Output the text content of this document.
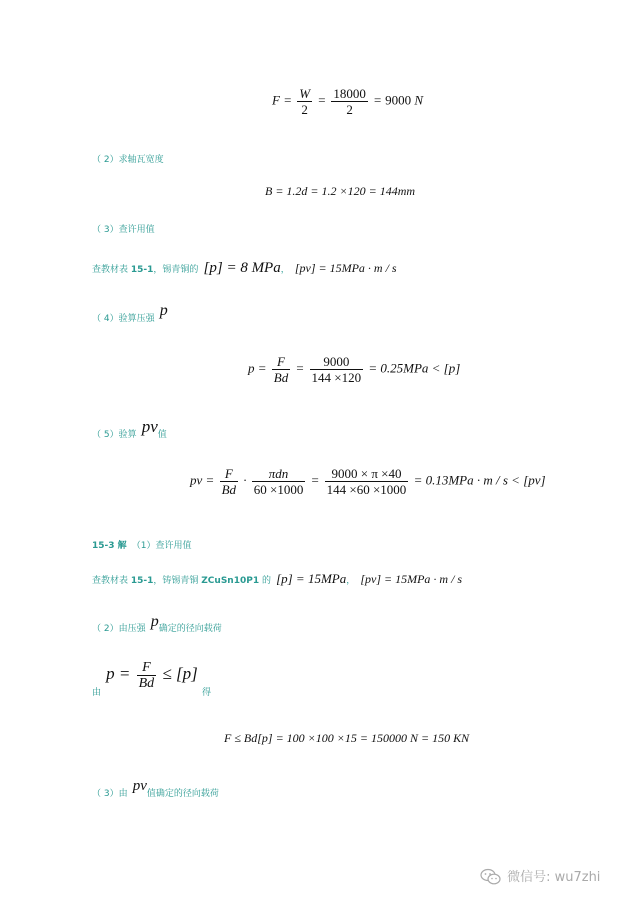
$F = \frac{W}{2} = \frac{18000}{2} = 9000$ N
（ 2）求轴瓦宽度
B = 1.2d = 1.2 ×120 = 144mm
（ 3）查许用值
查教材表 15-1，锡青铜的 [p] = 8 MPa， [pv] = 15MPa · m / s
（ 4）验算压强 p
$p = \frac{F}{Bd} = \frac{9000}{144 \times 120} = 0.25MPa < [p]$
（ 5）验算 pv值
pv = $\frac{F}{Bd} \cdot \frac{\text{πdn}}{60 \times 1000} = \frac{9000 \times \pi \times 40}{144 \times 60 \times 1000} = 0.13MPa \cdot m / s < [pv]$
15-3 解 （1）查许用值
查教材表 15-1，铸锡青铜 ZCuSn10P1 的 [p] = 15MPa， [pv] = 15MPa · m / s
（ 2）由压强 p确定的径向载荷
$_由$ $p = \frac{F}{Bd} \le [p]$ $_得$
F ≤ Bd[p] = 100 ×100 ×15 = 150000 N = 150 KN
（ 3）由 pv值确定的径向载荷
微信号: wu7zhi
